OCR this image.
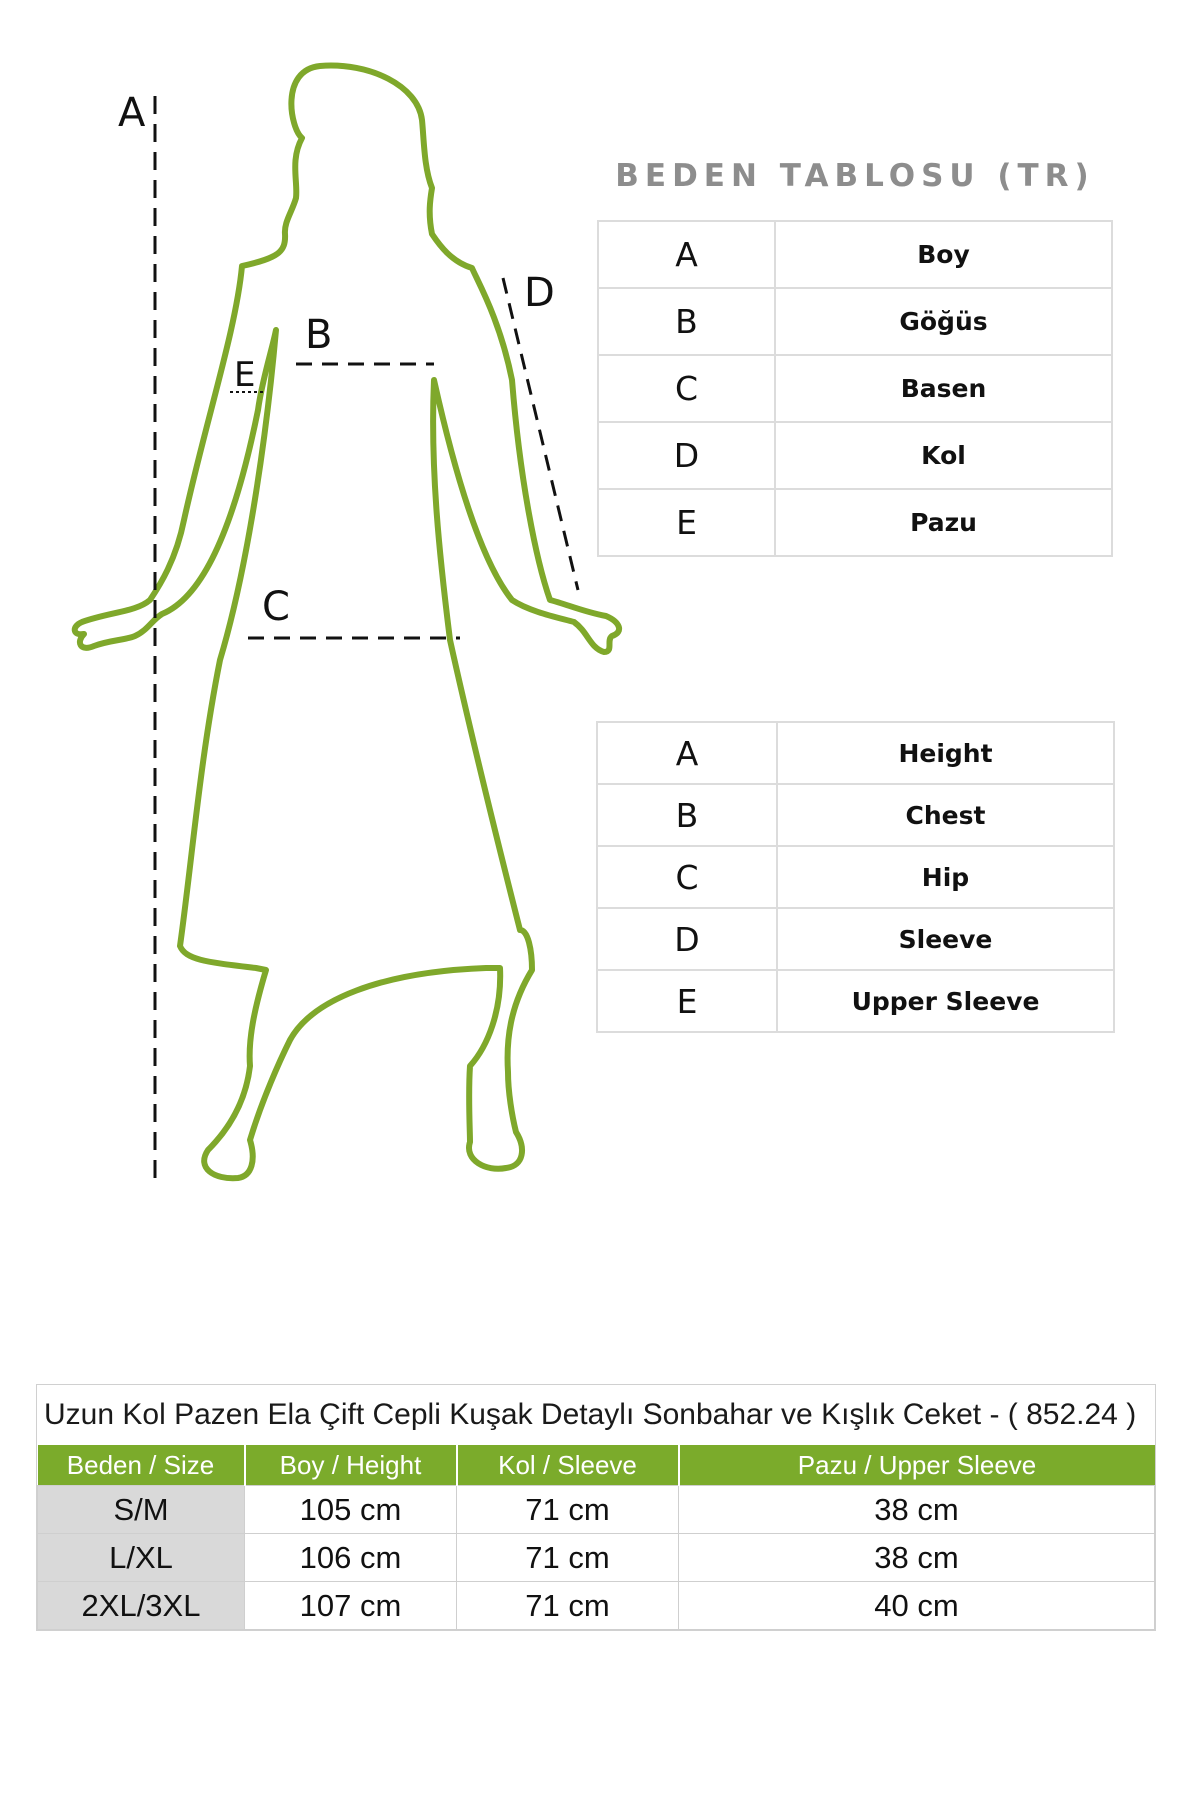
A
B
C
D
E
BEDEN TABLOSU (TR)
A	Boy
B	Göğüs
C	Basen
D	Kol
E	Pazu
A	Height
B	Chest
C	Hip
D	Sleeve
E	Upper Sleeve
Uzun Kol Pazen Ela Çift Cepli Kuşak Detaylı Sonbahar ve Kışlık Ceket - ( 852.24 )
Beden / Size	Boy / Height	Kol / Sleeve	Pazu / Upper Sleeve
S/M	105 cm	71 cm	38 cm
L/XL	106 cm	71 cm	38 cm
2XL/3XL	107 cm	71 cm	40 cm
